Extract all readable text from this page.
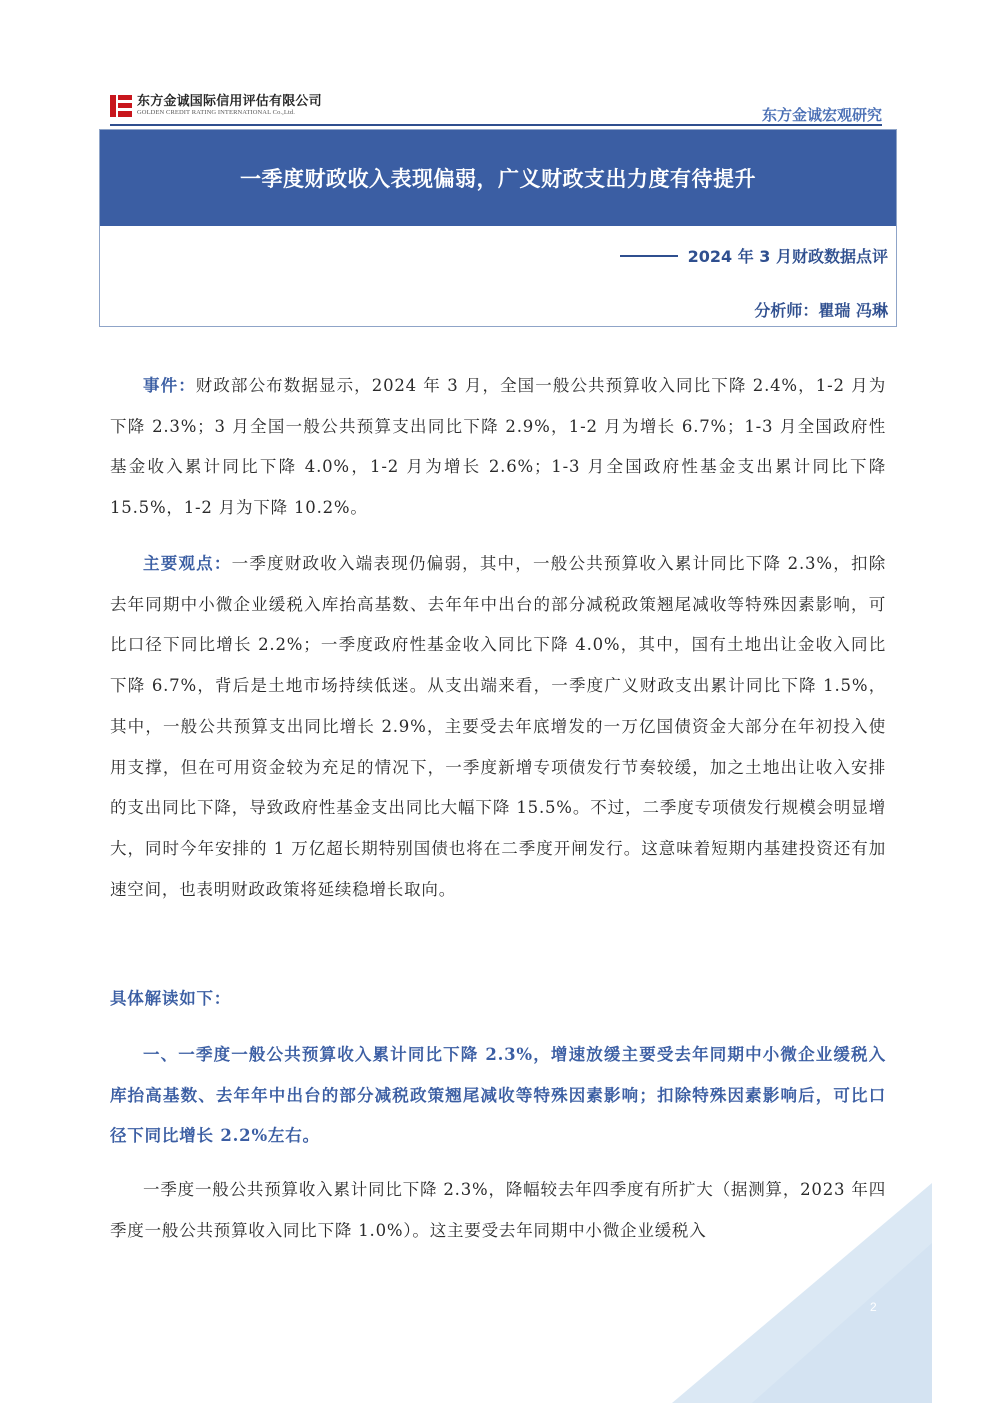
东方金诚国际信用评估有限公司
GOLDEN CREDIT RATING INTERNATIONAL Co.,Ltd.	东方金诚宏观研究
一季度财政收入表现偏弱，广义财政支出力度有待提升
2024 年 3 月财政数据点评
分析师：瞿瑞 冯琳
事件：财政部公布数据显示，2024 年 3 月，全国一般公共预算收入同比下降 2.4%，1-2 月为下降 2.3%；3 月全国一般公共预算支出同比下降 2.9%，1-2 月为增长 6.7%；1-3 月全国政府性基金收入累计同比下降 4.0%，1-2 月为增长 2.6%；1-3 月全国政府性基金支出累计同比下降 15.5%，1-2 月为下降 10.2%。
主要观点：一季度财政收入端表现仍偏弱，其中，一般公共预算收入累计同比下降 2.3%，扣除去年同期中小微企业缓税入库抬高基数、去年年中出台的部分减税政策翘尾减收等特殊因素影响，可比口径下同比增长 2.2%；一季度政府性基金收入同比下降 4.0%，其中，国有土地出让金收入同比下降 6.7%，背后是土地市场持续低迷。从支出端来看，一季度广义财政支出累计同比下降 1.5%，其中，一般公共预算支出同比增长 2.9%，主要受去年底增发的一万亿国债资金大部分在年初投入使用支撑，但在可用资金较为充足的情况下，一季度新增专项债发行节奏较缓，加之土地出让收入安排的支出同比下降，导致政府性基金支出同比大幅下降 15.5%。不过，二季度专项债发行规模会明显增大，同时今年安排的 1 万亿超长期特别国债也将在二季度开闸发行。这意味着短期内基建投资还有加速空间，也表明财政政策将延续稳增长取向。
具体解读如下：
一、一季度一般公共预算收入累计同比下降 2.3%，增速放缓主要受去年同期中小微企业缓税入库抬高基数、去年年中出台的部分减税政策翘尾减收等特殊因素影响；扣除特殊因素影响后，可比口径下同比增长 2.2%左右。
一季度一般公共预算收入累计同比下降 2.3%，降幅较去年四季度有所扩大（据测算，2023 年四季度一般公共预算收入同比下降 1.0%）。这主要受去年同期中小微企业缓税入
2
